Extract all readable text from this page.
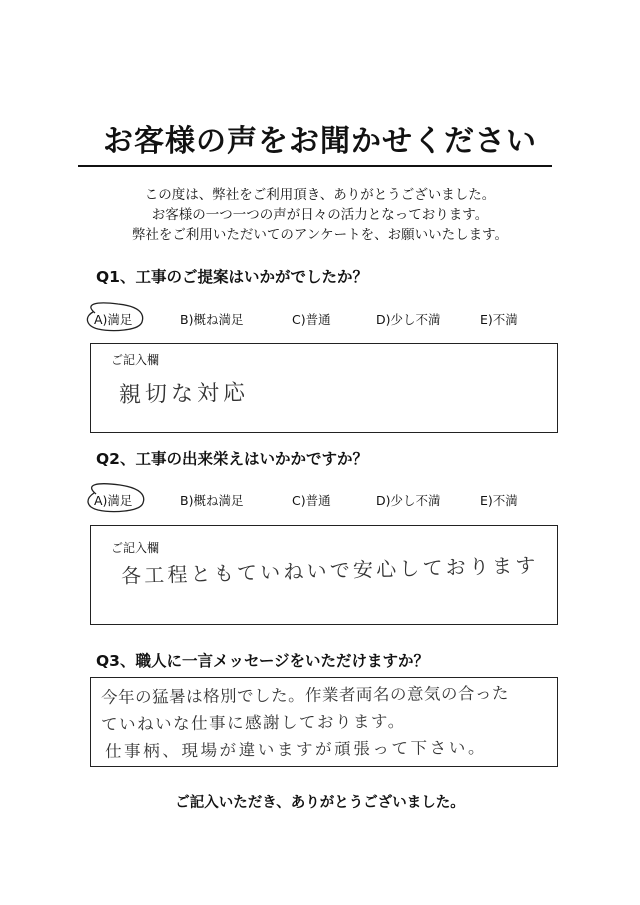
お客様の声をお聞かせください
この度は、弊社をご利用頂き、ありがとうございました。
お客様の一つ一つの声が日々の活力となっております。
弊社をご利用いただいてのアンケートを、お願いいたします。
Q1、工事のご提案はいかがでしたか？
A)満足	B)概ね満足	C)普通	D)少し不満	E)不満
ご記入欄
親切な対応
Q2、工事の出来栄えはいかかですか？
A)満足	B)概ね満足	C)普通	D)少し不満	E)不満
ご記入欄
各工程ともていねいで安心しております
Q3、職人に一言メッセージをいただけますか？
今年の猛暑は格別でした。作業者両名の意気の合った
ていねいな仕事に感謝しております。
仕事柄、現場が違いますが頑張って下さい。
ご記入いただき、ありがとうございました。
